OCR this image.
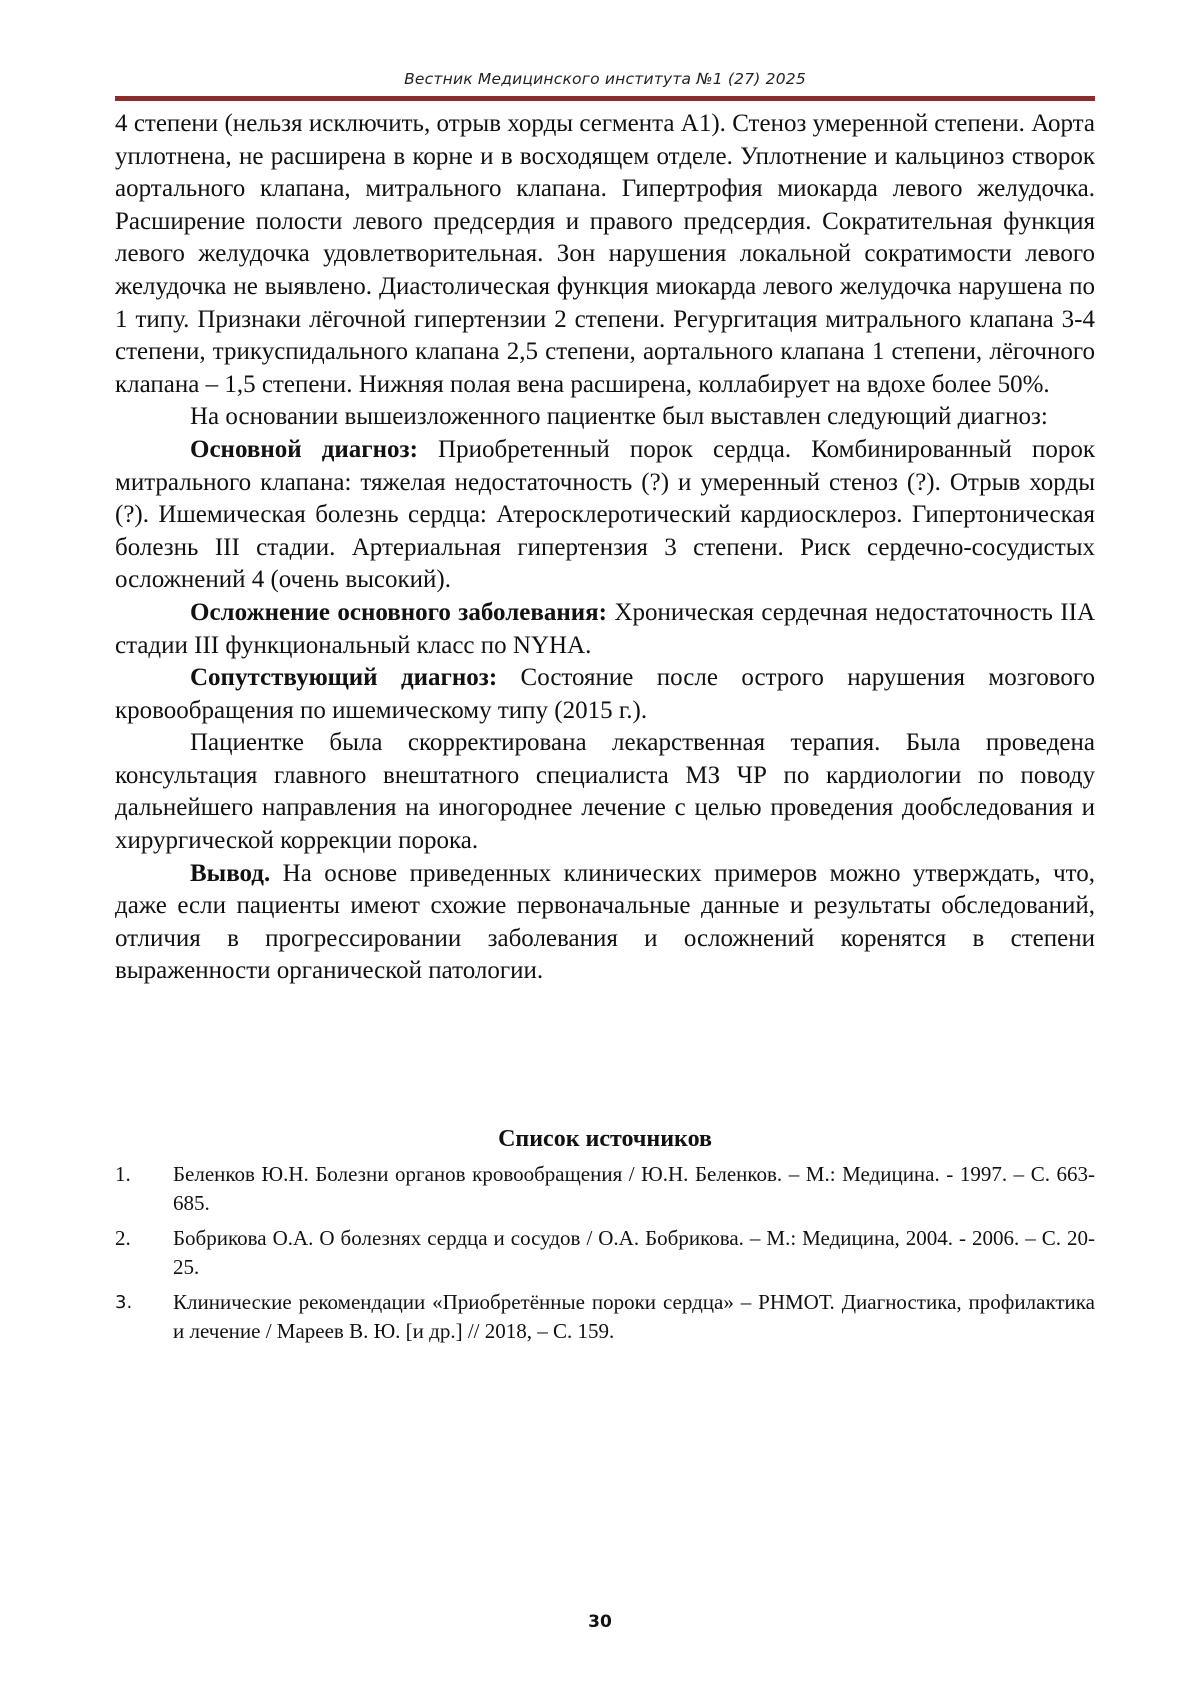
Вестник Медицинского института №1 (27) 2025

4 степени (нельзя исключить, отрыв хорды сегмента А1). Стеноз умеренной степени. Аорта уплотнена, не расширена в корне и в восходящем отделе. Уплотнение и кальциноз створок аортального клапана, митрального клапана. Гипертрофия миокарда левого желудочка. Расширение полости левого предсердия и правого предсердия. Сократительная функция левого желудочка удовлетворительная. Зон нарушения локальной сократимости левого желудочка не выявлено. Диастолическая функция миокарда левого желудочка нарушена по 1 типу. Признаки лёгочной гипертензии 2 степени. Регургитация митрального клапана 3-4 степени, трикуспидального клапана 2,5 степени, аортального клапана 1 степени, лёгочного клапана – 1,5 степени. Нижняя полая вена расширена, коллабирует на вдохе более 50%.

На основании вышеизложенного пациентке был выставлен следующий диагноз:

Основной диагноз: Приобретенный порок сердца. Комбинированный порок митрального клапана: тяжелая недостаточность (?) и умеренный стеноз (?). Отрыв хорды (?). Ишемическая болезнь сердца: Атеросклеротический кардиосклероз. Гипертоническая болезнь III стадии. Артериальная гипертензия 3 степени. Риск сердечно-сосудистых осложнений 4 (очень высокий).

Осложнение основного заболевания: Хроническая сердечная недостаточность IIА стадии III функциональный класс по NYHA.

Сопутствующий диагноз: Состояние после острого нарушения мозгового кровообращения по ишемическому типу (2015 г.).

Пациентке была скорректирована лекарственная терапия. Была проведена консультация главного внештатного специалиста МЗ ЧР по кардиологии по поводу дальнейшего направления на иногороднее лечение с целью проведения дообследования и хирургической коррекции порока.

Вывод. На основе приведенных клинических примеров можно утверждать, что, даже если пациенты имеют схожие первоначальные данные и результаты обследований, отличия в прогрессировании заболевания и осложнений коренятся в степени выраженности органической патологии.

Список источников
1. Беленков Ю.Н. Болезни органов кровообращения / Ю.Н. Беленков. – М.: Медицина. - 1997. – С. 663-685.
2. Бобрикова О.А. О болезнях сердца и сосудов / О.А. Бобрикова. – М.: Медицина, 2004. - 2006. – С. 20-25.
3. Клинические рекомендации «Приобретённые пороки сердца» – РНМОТ. Диагностика, профилактика и лечение / Мареев В. Ю. [и др.] // 2018, – С. 159.
30
